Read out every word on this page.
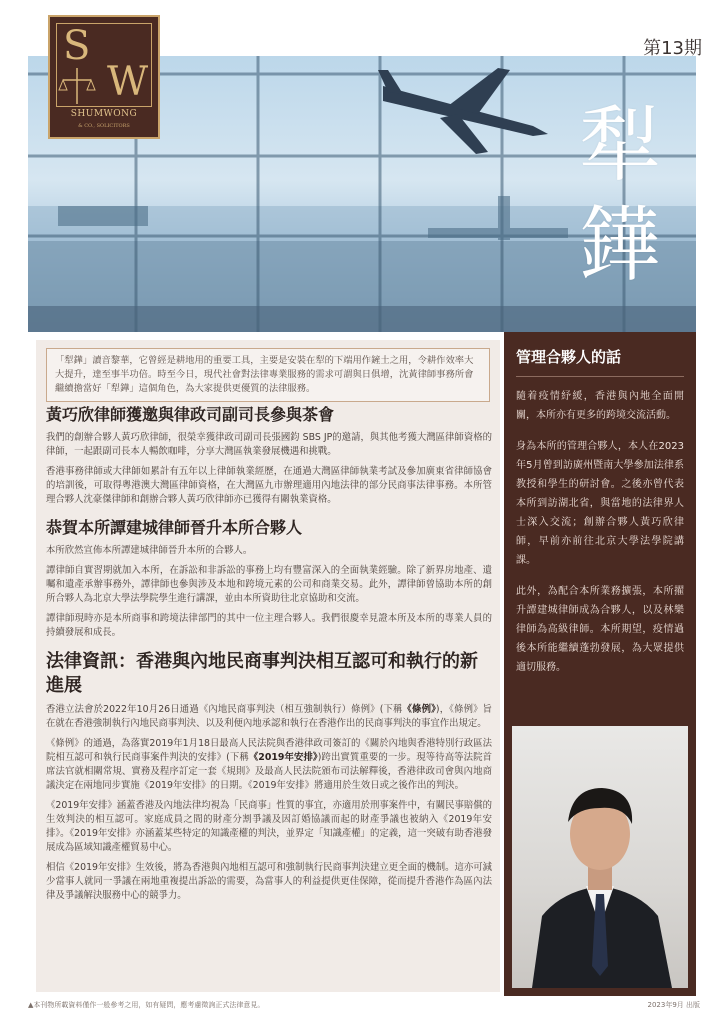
S
W
SHUMWONG
& CO., SOLICITORS
第13期
犁
鏵
「犁鏵」讀音黎華，它曾經是耕地用的重要工具，主要是安裝在犁的下端用作鏟土之用，令耕作效率大大提升，達至事半功倍。時至今日，現代社會對法律專業服務的需求可謂與日俱增，沈黃律師事務所會繼續擔當好「犁鏵」這個角色，為大家提供更優質的法律服務。
黃巧欣律師獲邀與律政司副司長參與茶會

我們的創辦合夥人黃巧欣律師，很榮幸獲律政司副司長張國鈞 SBS JP的邀請，與其他考獲大灣區律師資格的律師，一起跟副司長本人暢飲咖啡，分享大灣區執業發展機遇和挑戰。

香港事務律師或大律師如累計有五年以上律師執業經歷，在通過大灣區律師執業考試及參加廣東省律師協會的培訓後，可取得粵港澳大灣區律師資格，在大灣區九市辦理適用內地法律的部分民商事法律事務。本所管理合夥人沈豪傑律師和創辦合夥人黃巧欣律師亦已獲得有關執業資格。

恭賀本所譚建城律師晉升本所合夥人

本所欣然宣佈本所譚建城律師晉升本所的合夥人。

譚律師自實習期就加入本所，在訴訟和非訴訟的事務上均有豐富深入的全面執業經驗。除了新界房地產、遺囑和遺產承辦事務外，譚律師也參與涉及本地和跨境元素的公司和商業交易。此外，譚律師曾協助本所的創所合夥人為北京大學法學院學生進行講課，並由本所資助往北京協助和交流。

譚律師現時亦是本所商事和跨境法律部門的其中一位主理合夥人。我們很慶幸見證本所及本所的專業人員的持續發展和成長。

法律資訊：香港與內地民商事判決相互認可和執行的新進展

香港立法會於2022年10月26日通過《內地民商事判決（相互強制執行）條例》(下稱《條例》)，《條例》旨在就在香港強制執行內地民商事判決、以及利便內地承認和執行在香港作出的民商事判決的事宜作出規定。

《條例》的通過，為落實2019年1月18日最高人民法院與香港律政司簽訂的《關於內地與香港特別行政區法院相互認可和執行民商事案件判決的安排》(下稱《2019年安排》)跨出實質重要的一步。現等待高等法院首席法官就相關常規、實務及程序訂定一套《規則》及最高人民法院頒布司法解釋後，香港律政司會與內地商議決定在兩地同步實施《2019年安排》的日期。《2019年安排》將適用於生效日或之後作出的判決。

《2019年安排》涵蓋香港及內地法律均視為「民商事」性質的事宜，亦適用於刑事案件中，有關民事賠償的生效判決的相互認可。家庭成員之間的財產分割爭議及因訂婚協議而起的財產爭議也被納入《2019年安排》。《2019年安排》亦涵蓋某些特定的知識產權的判決，並界定「知識產權」的定義，這一突破有助香港發展成為區域知識產權貿易中心。

相信《2019年安排》生效後，將為香港與內地相互認可和強制執行民商事判決建立更全面的機制。這亦可減少當事人就同一爭議在兩地重複提出訴訟的需要，為當事人的利益提供更佳保障，從而提升香港作為區內法律及爭議解決服務中心的競爭力。

管理合夥人的話

隨着疫情紓緩，香港與內地全面開關，本所亦有更多的跨境交流活動。

身為本所的管理合夥人，本人在2023年5月曾到訪廣州暨南大學參加法律系教授和學生的研討會。之後亦曾代表本所到訪湖北省，與當地的法律界人士深入交流；創辦合夥人黃巧欣律師，早前亦前往北京大學法學院講課。

此外，為配合本所業務擴張，本所擢升譚建城律師成為合夥人，以及林樂律師為高級律師。本所期望，疫情過後本所能繼續蓬勃發展，為大眾提供適切服務。

▲本刊物所載資料僅作一般參考之用，如有疑問，應考慮徵詢正式法律意見。	2023年9月 出版
